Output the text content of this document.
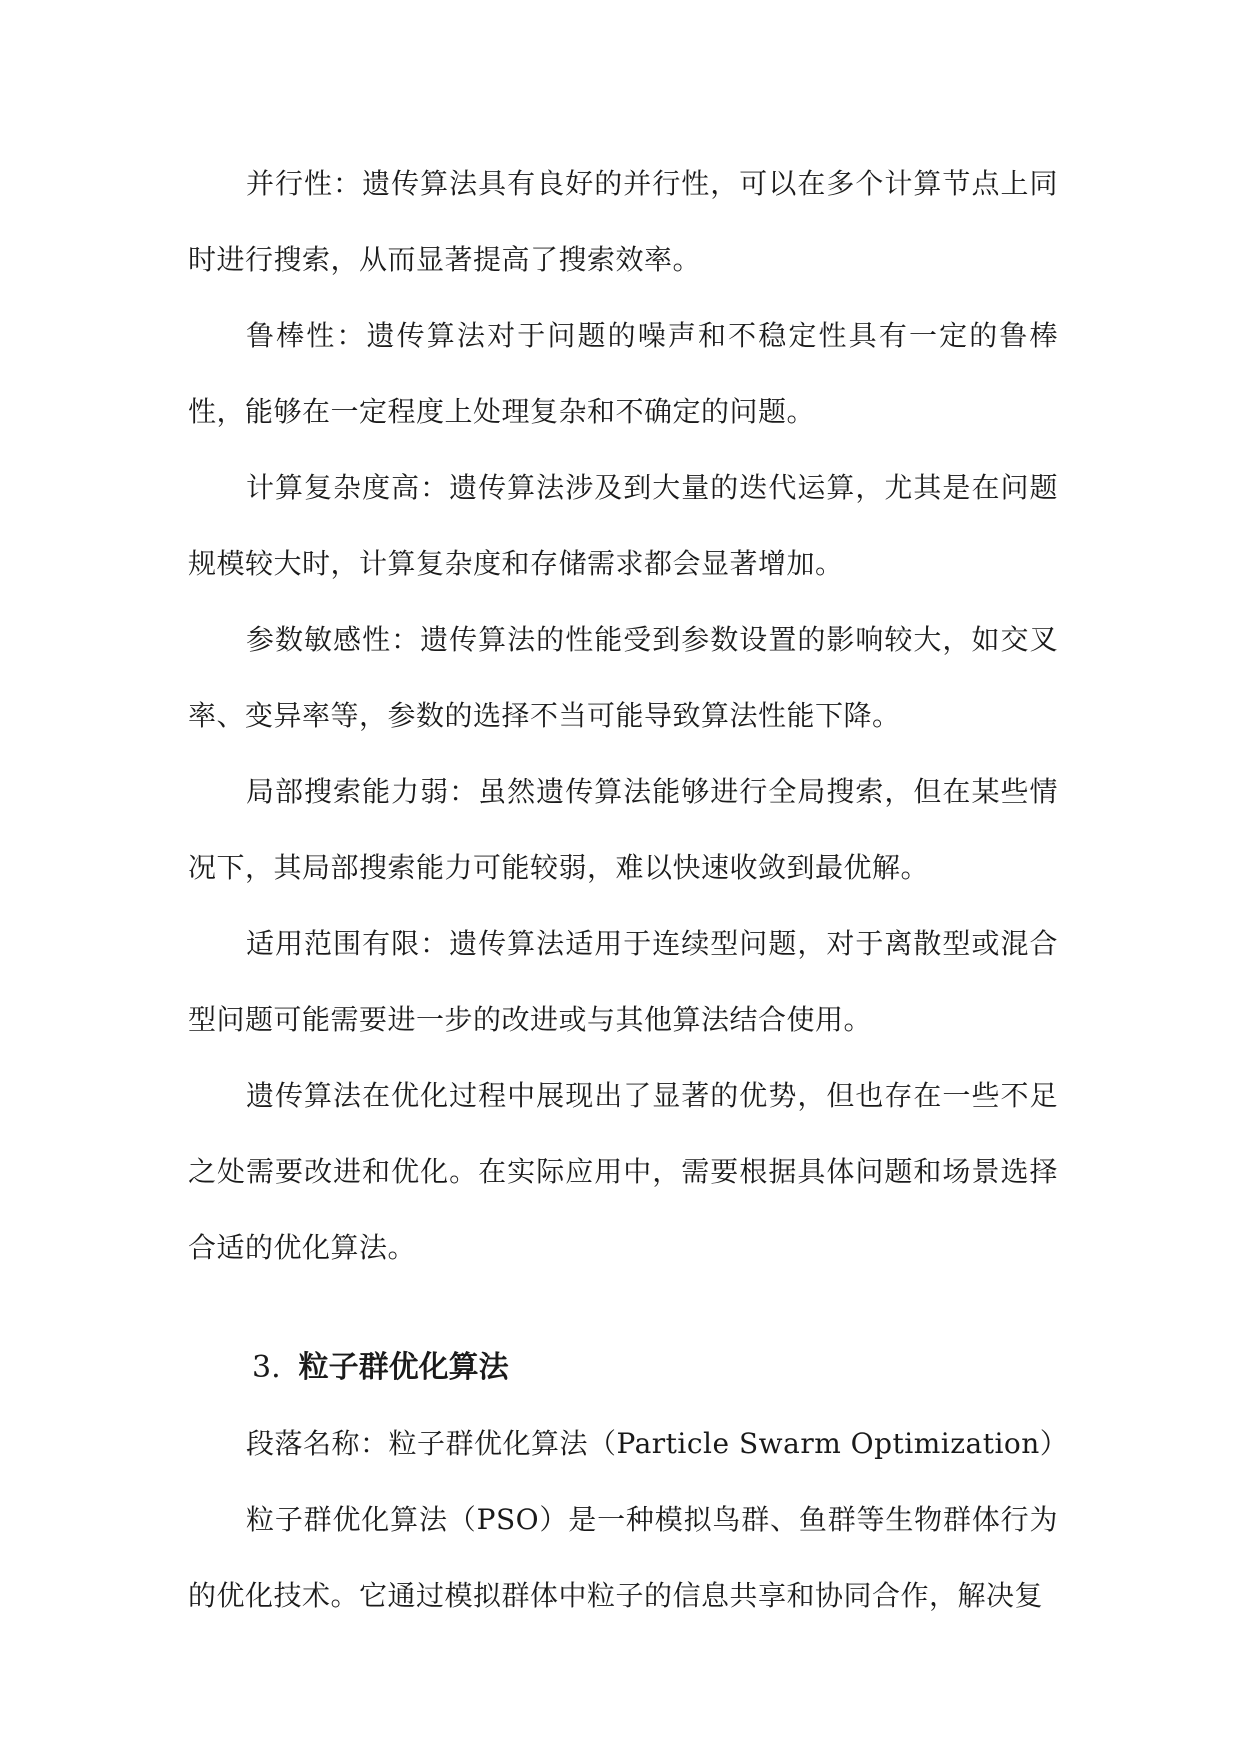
并行性：遗传算法具有良好的并行性，可以在多个计算节点上同时进行搜索，从而显著提高了搜索效率。

鲁棒性：遗传算法对于问题的噪声和不稳定性具有一定的鲁棒性，能够在一定程度上处理复杂和不确定的问题。

计算复杂度高：遗传算法涉及到大量的迭代运算，尤其是在问题规模较大时，计算复杂度和存储需求都会显著增加。

参数敏感性：遗传算法的性能受到参数设置的影响较大，如交叉率、变异率等，参数的选择不当可能导致算法性能下降。

局部搜索能力弱：虽然遗传算法能够进行全局搜索，但在某些情况下，其局部搜索能力可能较弱，难以快速收敛到最优解。

适用范围有限：遗传算法适用于连续型问题，对于离散型或混合型问题可能需要进一步的改进或与其他算法结合使用。

遗传算法在优化过程中展现出了显著的优势，但也存在一些不足之处需要改进和优化。在实际应用中，需要根据具体问题和场景选择合适的优化算法。

3. 粒子群优化算法

段落名称：粒子群优化算法（Particle Swarm Optimization）

粒子群优化算法（PSO）是一种模拟鸟群、鱼群等生物群体行为的优化技术。它通过模拟群体中粒子的信息共享和协同合作，解决复
